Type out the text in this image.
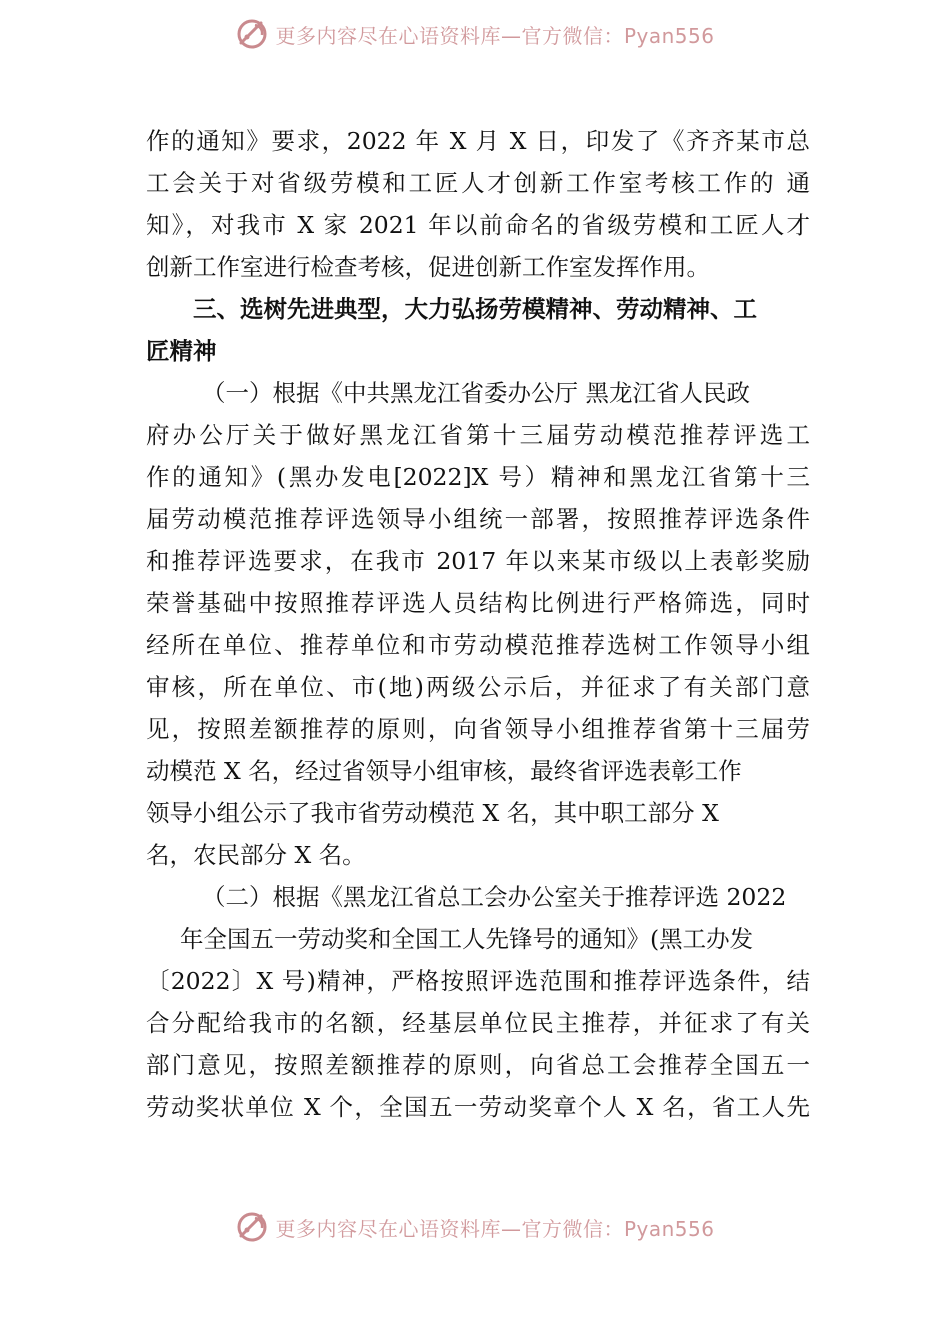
更多内容尽在心语资料库—官方微信：Pyan556

作的通知》要求，2022 年 X 月 X 日，印发了《齐齐某市总
工会关于对省级劳模和工匠人才创新工作室考核工作的 通
知》，对我市 X 家 2021 年以前命名的省级劳模和工匠人才
创新工作室进行检查考核，促进创新工作室发挥作用。

三、选树先进典型，大力弘扬劳模精神、劳动精神、工
匠精神

（一）根据《中共黑龙江省委办公厅 黑龙江省人民政
府办公厅关于做好黑龙江省第十三届劳动模范推荐评选工
作的通知》(黑办发电[2022]X 号）精神和黑龙江省第十三
届劳动模范推荐评选领导小组统一部署，按照推荐评选条件
和推荐评选要求，在我市 2017 年以来某市级以上表彰奖励
荣誉基础中按照推荐评选人员结构比例进行严格筛选，同时
经所在单位、推荐单位和市劳动模范推荐选树工作领导小组
审核，所在单位、市(地)两级公示后，并征求了有关部门意
见，按照差额推荐的原则，向省领导小组推荐省第十三届劳
动模范 X 名，经过省领导小组审核，最终省评选表彰工作
领导小组公示了我市省劳动模范 X 名，其中职工部分 X
名，农民部分 X 名。

（二）根据《黑龙江省总工会办公室关于推荐评选 2022
年全国五一劳动奖和全国工人先锋号的通知》(黑工办发
〔2022〕X 号)精神，严格按照评选范围和推荐评选条件，结
合分配给我市的名额，经基层单位民主推荐，并征求了有关
部门意见，按照差额推荐的原则，向省总工会推荐全国五一
劳动奖状单位 X 个，全国五一劳动奖章个人 X 名，省工人先

更多内容尽在心语资料库—官方微信：Pyan556
